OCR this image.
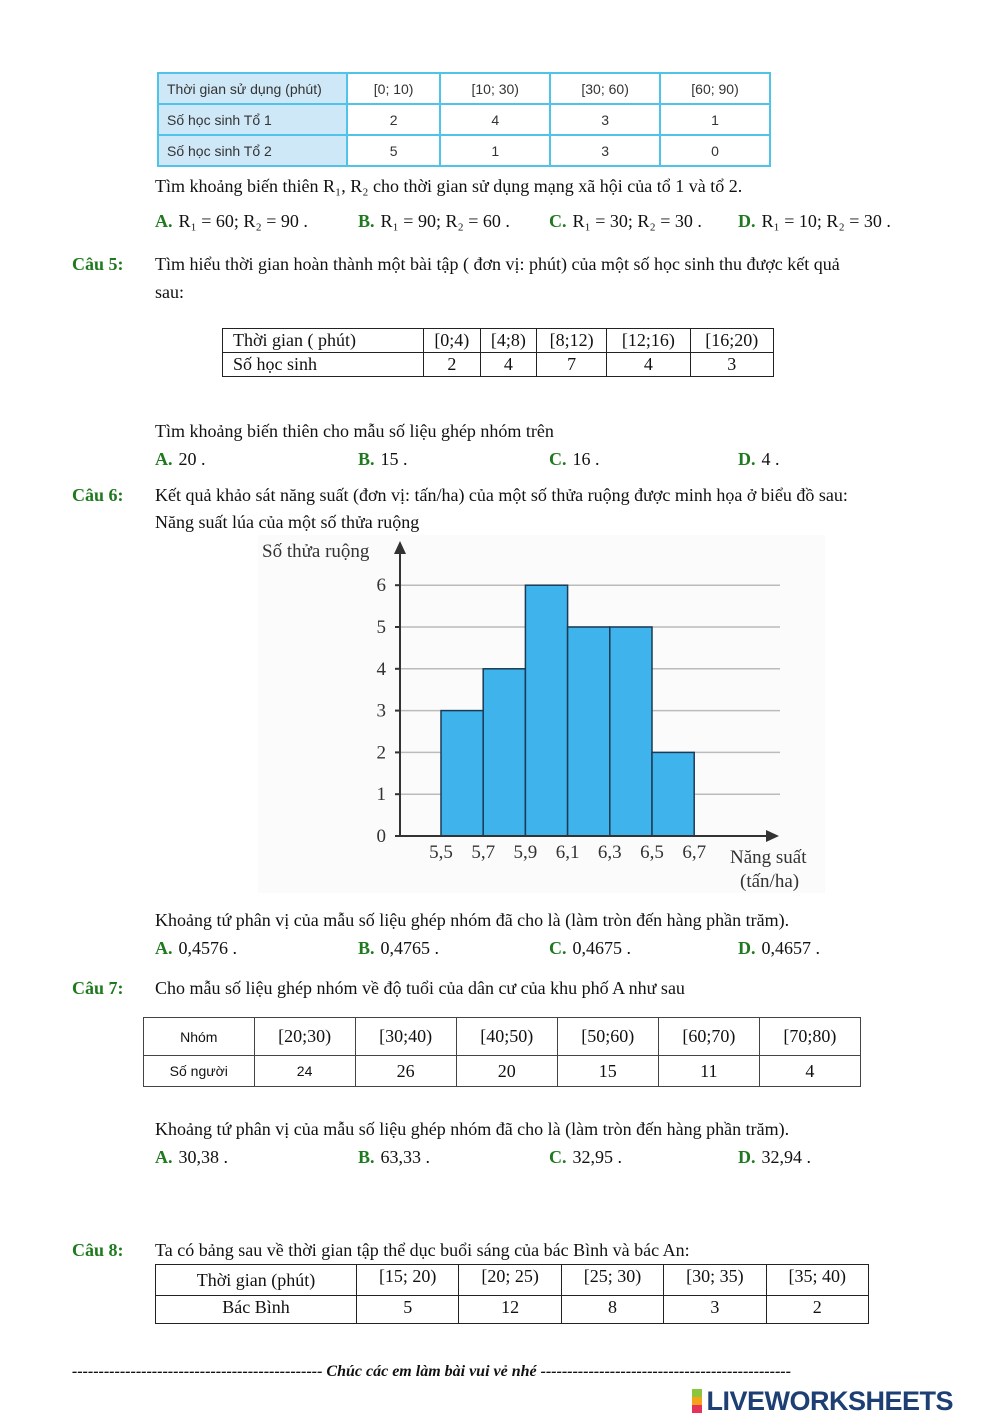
Thời gian sử dụng (phút)	[0; 10)	[10; 30)	[30; 60)	[60; 90)
Số học sinh Tổ 1	2	4	3	1
Số học sinh Tổ 2	5	1	3	0
Tìm khoảng biến thiên R₁, R₂ cho thời gian sử dụng mạng xã hội của tổ 1 và tổ 2.
A. R₁ = 60; R₂ = 90 .	B. R₁ = 90; R₂ = 60 . C. R₁ = 30; R₂ = 30 . D. R₁ = 10; R₂ = 30 .
Câu 5: Tìm hiểu thời gian hoàn thành một bài tập ( đơn vị: phút) của một số học sinh thu được kết quả
sau:
Thời gian ( phút)	[0;4)	[4;8)	[8;12)	[12;16)	[16;20)
Số học sinh	2	4	7	4	3
Tìm khoảng biến thiên cho mẫu số liệu ghép nhóm trên
A. 20 .	B. 15 .	C. 16 .	D. 4 .
Câu 6: Kết quả khảo sát năng suất (đơn vị: tấn/ha) của một số thửa ruộng được minh họa ở biểu đồ sau:
Năng suất lúa của một số thửa ruộng
0
1
2
3
4
5
6
5,5 5,7 5,9 6,1 6,3 6,5 6,7
Số thửa ruộng
Năng suất
(tấn/ha)
Khoảng tứ phân vị của mẫu số liệu ghép nhóm đã cho là (làm tròn đến hàng phần trăm).
A. 0,4576 .	B. 0,4765 .	C. 0,4675 .	D. 0,4657 .
Câu 7: Cho mẫu số liệu ghép nhóm về độ tuổi của dân cư của khu phố A như sau
Nhóm	[20;30)	[30;40)	[40;50)	[50;60)	[60;70)	[70;80)
Số người	24	26	20	15	11	4
Khoảng tứ phân vị của mẫu số liệu ghép nhóm đã cho là (làm tròn đến hàng phần trăm).
A. 30,38 .	B. 63,33 .	C. 32,95 .	D. 32,94 .
Câu 8: Ta có bảng sau về thời gian tập thể dục buổi sáng của bác Bình và bác An:
Thời gian (phút)	[15; 20)	[20; 25)	[25; 30)	[30; 35)	[35; 40)
Bác Bình	5	12	8	3	2
----------------------------------------------- Chúc các em làm bài vui vẻ nhé -----------------------------------------------
LIVEWORKSHEETS
